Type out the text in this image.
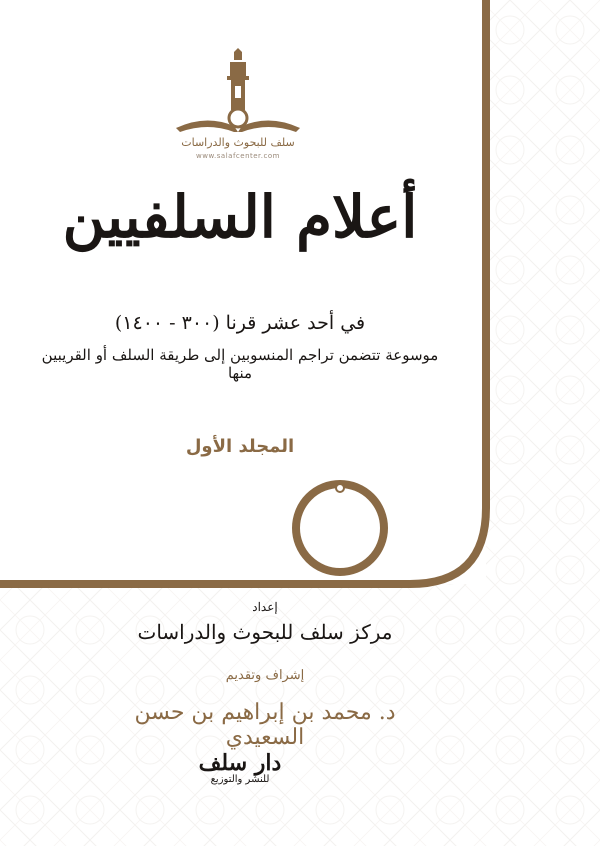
سلف للبحوث والدراسات
www.salafcenter.com
أعلام السلفيين
في أحد عشر قرنا (٣٠٠ - ١٤٠٠)
موسوعة تتضمن تراجم المنسوبين إلى طريقة السلف أو القريبين منها
المجلد الأول
إعداد
مركز سلف للبحوث والدراسات
إشراف وتقديم
د. محمد بن إبراهيم بن حسن السعيدي
دار سلف
للنشر والتوزيع
